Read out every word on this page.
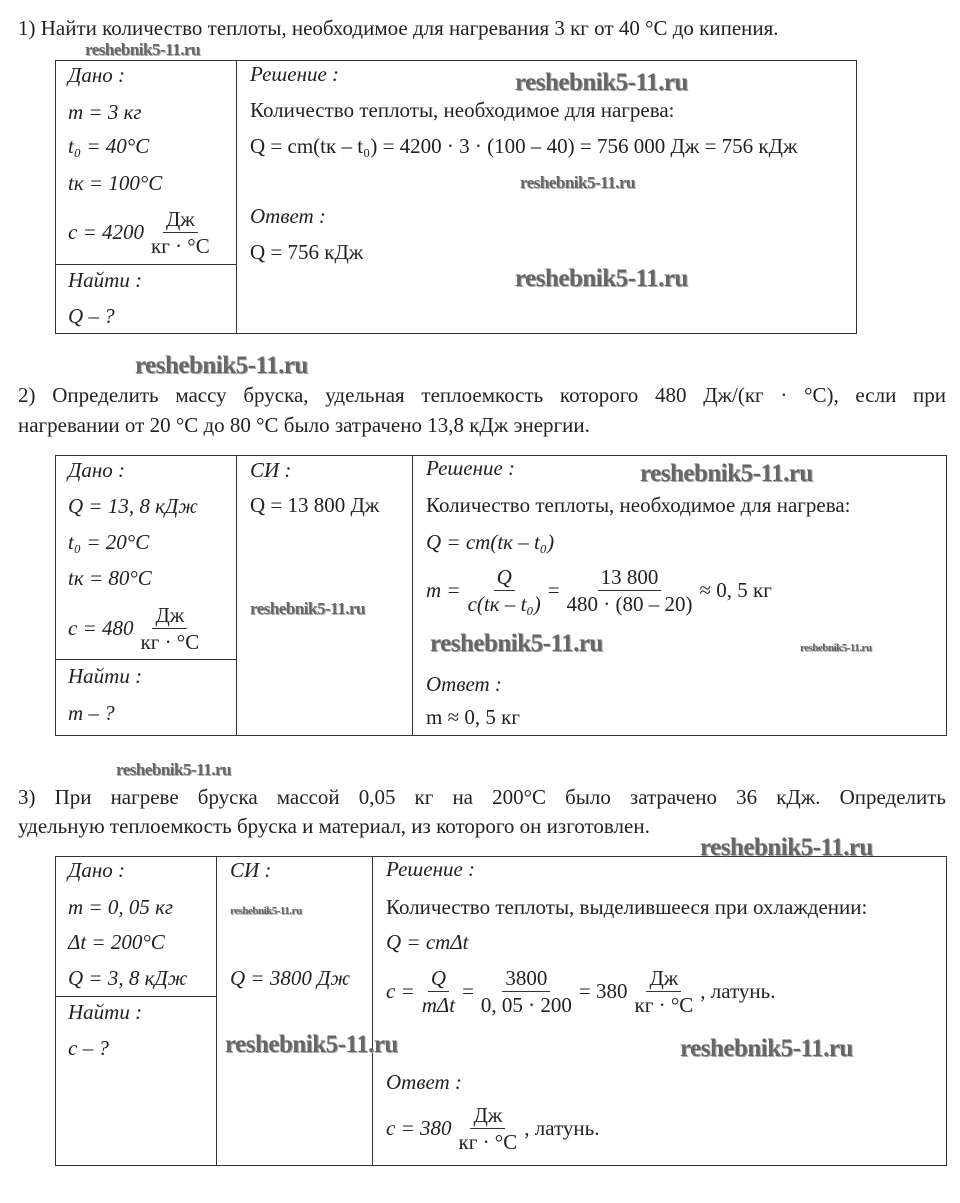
1) Найти количество теплоты, необходимое для нагревания 3 кг от 40 °C до кипения.
Дано :
m = 3 кг
t₀ = 40°C
tк = 100°C
c = 4200
Дж
кг · °C
Найти :
Q – ?
Решение :
Количество теплоты, необходимое для нагрева:
Q = cm(tк – t₀) = 4200 · 3 · (100 – 40) = 756 000 Дж = 756 кДж
Ответ :
Q = 756 кДж
2) Определить массу бруска, удельная теплоемкость которого 480 Дж/(кг · °C), если при
нагревании от 20 °C до 80 °C было затрачено 13,8 кДж энергии.
Дано :
Q = 13, 8 кДж
t₀ = 20°C
tк = 80°C
c = 480
Дж
кг · °C
Найти :
m – ?
СИ :
Q = 13 800 Дж
Решение :
Количество теплоты, необходимое для нагрева:
Q = cm(tк – t₀)
m =
Q
c(tк – t₀)
= $\frac{13 800}{480 \cdot (80 - 20)} \approx 0$, 5 кг
Ответ :
m ≈ 0, 5 кг
3) При нагреве бруска массой 0,05 кг на 200°C было затрачено 36 кДж. Определить
удельную теплоемкость бруска и материал, из которого он изготовлен.
Дано :
m = 0, 05 кг
Δt = 200°C
Q = 3, 8 кДж
Найти :
c – ?
СИ :
Q = 3800 Дж
Решение :
Количество теплоты, выделившееся при охлаждении:
Q = cmΔt
c =
Q
mΔt
= $\frac{3800}{0, 05 \cdot 200} = 380$
Дж
кг · °C
, латунь.
Ответ :
c = 380
Дж
кг · °C
, латунь.
reshebnik5-11.ru
reshebnik5-11.ru
reshebnik5-11.ru
reshebnik5-11.ru
reshebnik5-11.ru
reshebnik5-11.ru
reshebnik5-11.ru
reshebnik5-11.ru
reshebnik5-11.ru
reshebnik5-11.ru
reshebnik5-11.ru
reshebnik5-11.ru
reshebnik5-11.ru	reshebnik5-11.ru
